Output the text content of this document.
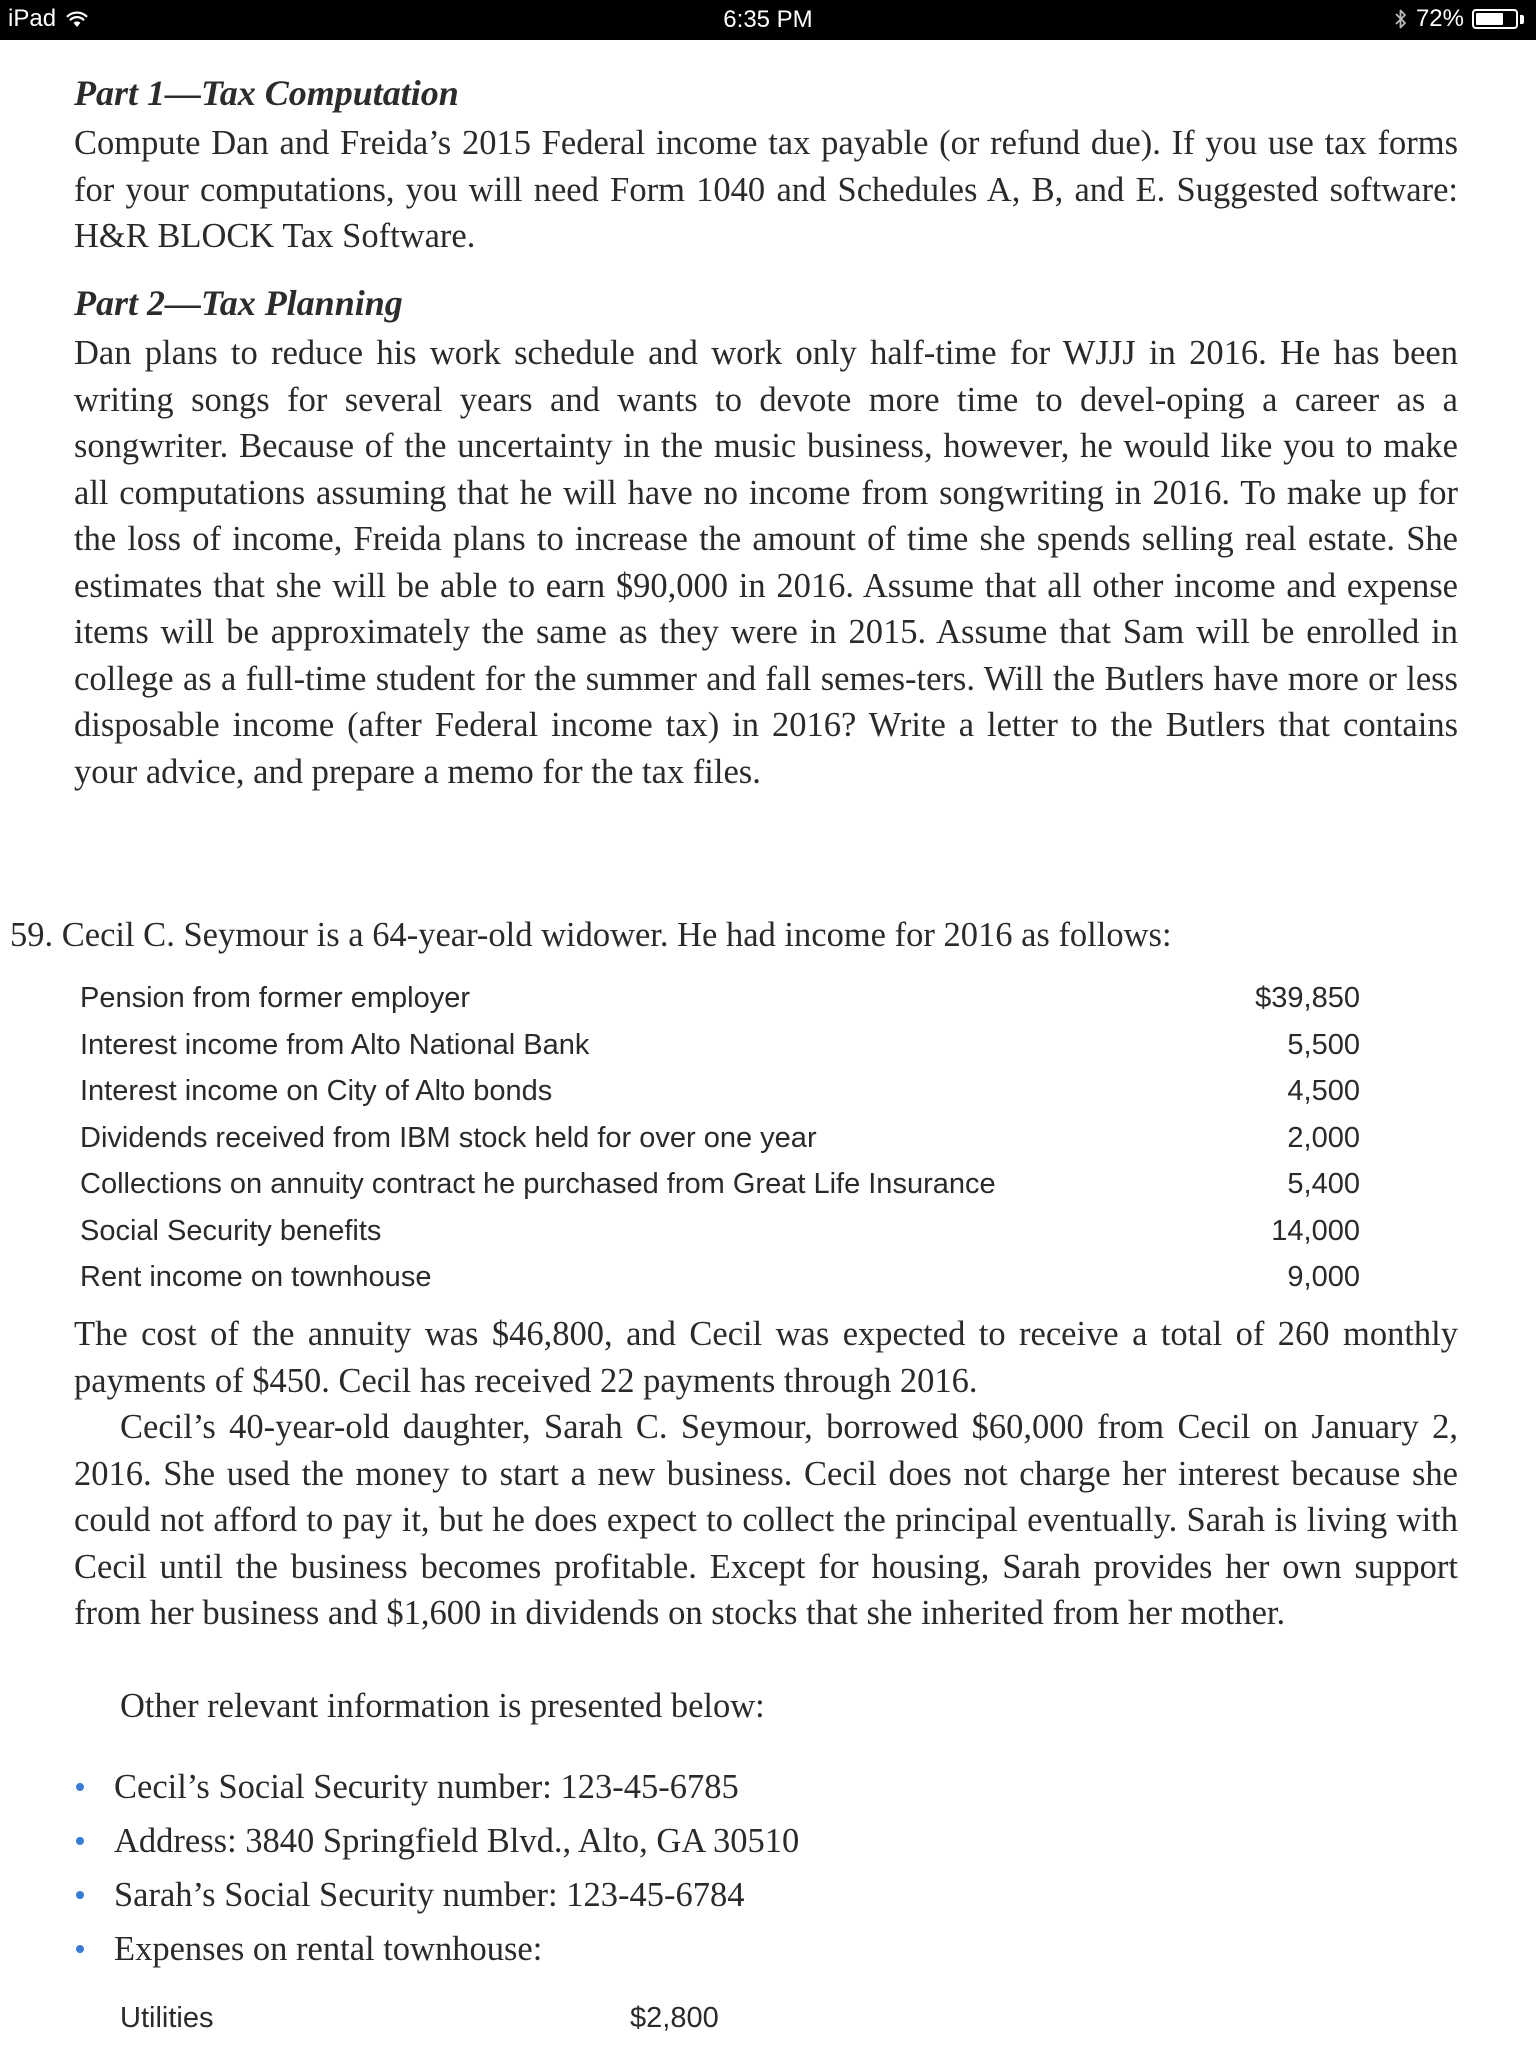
iPad	6:35 PM	72%
Part 1—Tax Computation

Compute Dan and Freida’s 2015 Federal income tax payable (or refund due). If you use tax forms for your computations, you will need Form 1040 and Schedules A, B, and E. Suggested software: H&R BLOCK Tax Software.

Part 2—Tax Planning

Dan plans to reduce his work schedule and work only half-time for WJJJ in 2016. He has been writing songs for several years and wants to devote more time to devel-oping a career as a songwriter. Because of the uncertainty in the music business, however, he would like you to make all computations assuming that he will have no income from songwriting in 2016. To make up for the loss of income, Freida plans to increase the amount of time she spends selling real estate. She estimates that she will be able to earn $90,000 in 2016. Assume that all other income and expense items will be approximately the same as they were in 2015. Assume that Sam will be enrolled in college as a full-time student for the summer and fall semes-ters. Will the Butlers have more or less disposable income (after Federal income tax) in 2016? Write a letter to the Butlers that contains your advice, and prepare a memo for the tax files.

59. Cecil C. Seymour is a 64-year-old widower. He had income for 2016 as follows:

Pension from former employer	$39,850
Interest income from Alto National Bank	5,500
Interest income on City of Alto bonds	4,500
Dividends received from IBM stock held for over one year	2,000
Collections on annuity contract he purchased from Great Life Insurance	5,400
Social Security benefits	14,000
Rent income on townhouse	9,000

The cost of the annuity was $46,800, and Cecil was expected to receive a total of 260 monthly payments of $450. Cecil has received 22 payments through 2016.

Cecil’s 40-year-old daughter, Sarah C. Seymour, borrowed $60,000 from Cecil on January 2, 2016. She used the money to start a new business. Cecil does not charge her interest because she could not afford to pay it, but he does expect to collect the principal eventually. Sarah is living with Cecil until the business becomes profitable. Except for housing, Sarah provides her own support from her business and $1,600 in dividends on stocks that she inherited from her mother.

Other relevant information is presented below:

Cecil’s Social Security number: 123-45-6785
Address: 3840 Springfield Blvd., Alto, GA 30510
Sarah’s Social Security number: 123-45-6784
Expenses on rental townhouse:
Utilities	$2,800
